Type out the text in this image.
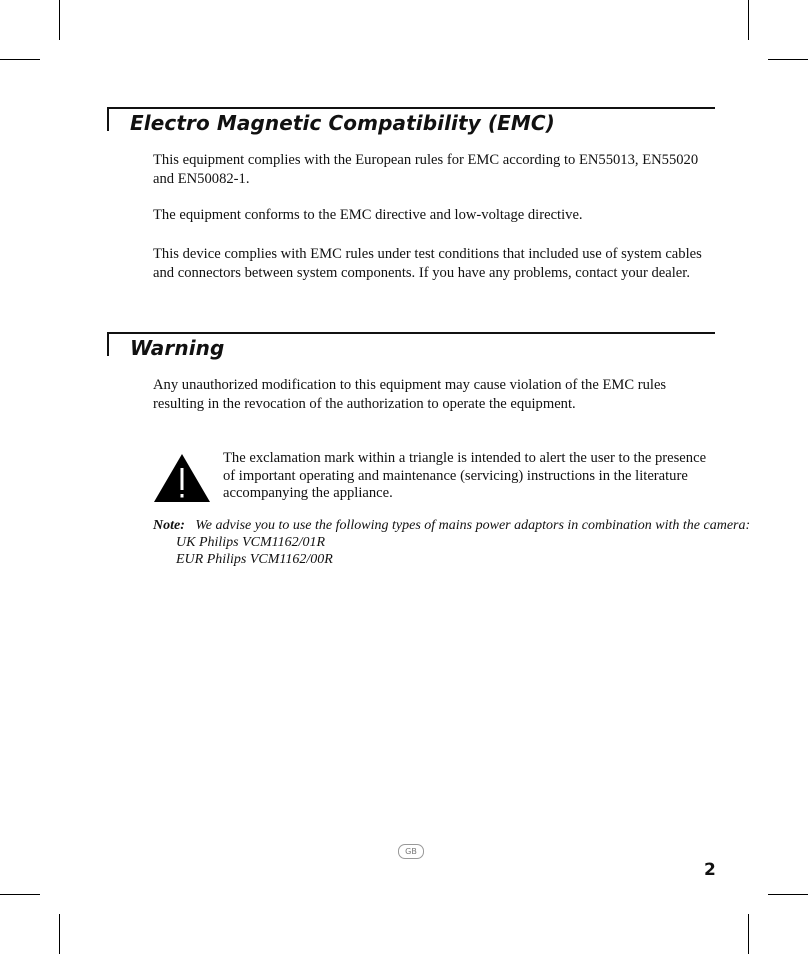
Electro Magnetic Compatibility (EMC)

This equipment complies with the European rules for EMC according to EN55013, EN55020 and EN50082-1.

The equipment conforms to the EMC directive and low-voltage directive.

This device complies with EMC rules under test conditions that included use of system cables and connectors between system components. If you have any problems, contact your dealer.

Warning

Any unauthorized modification to this equipment may cause violation of the EMC rules resulting in the revocation of the authorization to operate the equipment.

The exclamation mark within a triangle is intended to alert the user to the presence of important operating and maintenance (servicing) instructions in the literature accompanying the appliance.

Note: We advise you to use the following types of mains power adaptors in combination with the camera:
UK Philips VCM1162/01R
EUR Philips VCM1162/00R
GB
2
